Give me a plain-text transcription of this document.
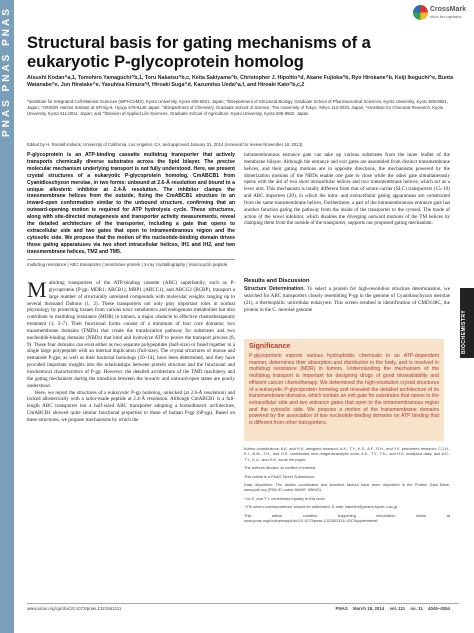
PNAS PNAS PNAS	CrossMark
click for updates
Structural basis for gating mechanisms of a eukaryotic P-glycoprotein homolog
Atsushi Kodan^a,1, Tomohiro Yamaguchi^b,1, Toru Nakatsu^b,c, Keita Sakiyama^b, Christopher J. Hipolito^d, Akane Fujioka^b, Ryo Hirokane^b, Keiji Ikeguchi^e, Bunta Watanabe^e, Jun Hiratake^e, Yasuhisa Kimura^f, Hiroaki Suga^d, Kazumitsu Ueda^a,f, and Hiroaki Kato^b,c,2
^aInstitute for Integrated Cell-Material Sciences (WPI-iCeMS), Kyoto University, Kyoto 606-8501, Japan; ^bDepartment of Structural Biology, Graduate School of Pharmaceutical Sciences, Kyoto University, Kyoto 606-8501, Japan; ^cRIKEN Harima Institute at SPring-8, Hyogo 679-5148 Japan; ^dDepartment of Chemistry, Graduate School of Science, The University of Tokyo, Tokyo 113-0033, Japan; ^eInstitute for Chemical Research, Kyoto University, Kyoto 611-0011, Japan; and ^fDivision of Applied Life Sciences, Graduate School of Agriculture, Kyoto University, Kyoto 606-8502, Japan
Edited by H. Ronald Kaback, University of California, Los Angeles, CA, and approved January 31, 2014 (received for review November 18, 2013)
P-glycoprotein is an ATP-binding cassette multidrug transporter that actively transports chemically diverse substrates across the lipid bilayer. The precise molecular mechanism underlying transport is not fully understood. Here, we present crystal structures of a eukaryotic P-glycoprotein homolog, CmABCB1 from Cyanidioschyzon merolae, in two forms: unbound at 2.6-Å resolution and bound to a unique allosteric inhibitor at 2.4-Å resolution. The inhibitor clamps the transmembrane helices from the outside, fixing the CmABCB1 structure in an inward-open conformation similar to the unbound structure, confirming that an outward-opening motion is required for ATP hydrolysis cycle. These structures, along with site-directed mutagenesis and transporter activity measurements, reveal the detailed architecture of the transporter, including a gate that opens to extracellular side and two gates that open to intramembranous region and the cytosolic side. We propose that the motion of the nucleotide-binding domain drives those gating apparatuses via two short intracellular helices, IH1 and IH2, and two transmembrane helices, TM2 and TM5.
multidrug resistance | ABC transporter | membrane protein | X-ray crystallography | macrocyclic peptide
M ultidrug transporters of the ATP-binding cassette (ABC) superfamily, such as P-glycoprotein (P-gp; MDR1; ABCB1), MRP1 (ABCC1), and ABCG2 (BCRP), transport a large number of structurally unrelated compounds with molecular weights ranging up to several thousand Daltons (1, 2). These transporters not only play important roles in normal physiology by protecting tissues from various toxic xenobiotics and endogenous metabolites but also contribute to multidrug resistance (MDR) in tumors, a major obstacle to effective chemotherapeutic treatment (1, 3–7). Their functional forms consist of a minimum of four core domains: two transmembrane domains (TMDs) that create the translocation pathway for substrates and two nucleotide-binding domains (NBDs) that bind and hydrolyze ATP to power the transport process (8, 9). These four domains can exist either as two separate polypeptides (half-size) or fused together in a single large polypeptide with an internal duplication (full-size). The crystal structures of mouse and nematode P-gps, as well as their bacterial homologs (10–14), have been determined, and they have provided important insights into the relationships between protein structure and the functional and biochemical characteristics of P-gp. However, the detailed architecture of the TMD machinery and the gating mechanism during the transition between the inward- and outward-open states are poorly understood.
Here, we report the structures of a eukaryotic P-gp homolog, unlocked (at 2.6-Å resolution) and locked allosterically with a tailor-made peptide at 2.4-Å resolution. Although CmABCB1 is a full-length ABC transporter but a half-sized ABC transporter adopting a homodimeric architecture, CmABCB1 showed quite similar functional properties to those of human P-gp (hP-gp). Based on these structures, we propose mechanisms by which the
intramembranous entrance gate can take up various substrates from the inner leaflet of the membrane bilayer. Although the entrance and exit gates are assembled from distinct transmembrane helices, and their gating motions are in opposite directions, the mechanisms powered by the dimerization motions of the NBDs enable one gate to close while the other gate simultaneously opens with the aid of two short intracellular helices and two transmembrane helices, which act as a lever arm. This mechanism is totally different from that of solute carrier (SLC) transporters (15–19) and ABC importers (20), in which the intra- and extracellular gating apparatuses are constructed from the same transmembrane helices. Furthermore, a part of the intramembranous entrance gate has another function gating the pathway from the inside of the transporter to the cytosol. The mode of action of the novel inhibitor, which disables the diverging outward motions of the TM helices by clamping them from the outside of the transporter, supports our proposed gating mechanism.
Results and Discussion
Structure Determination. To select a protein for high-resolution structure determination, we searched for ABC transporters closely resembling P-gp in the genome of Cyanidioschyzon merolae (21), a thermophilic unicellular eukaryote. This screen resulted in identification of CMD148C, the protein in the C. merolae genome
Significance
P-glycoprotein exports various hydrophobic chemicals in an ATP-dependent manner, determines their absorption and distribution in the body, and is involved in multidrug resistance (MDR) in tumors. Understanding the mechanism of the multidrug transport is important for designing drugs of good bioavailability and efficient cancer chemotherapy. We determined the high-resolution crystal structures of a eukaryotic P-glycoprotein homolog and revealed the detailed architecture of its transmembrane domains, which contain an exit gate for substrates that opens to the extracellular side and two entrance gates that open to the intramembranous region and the cytosolic side. We propose a motion of the transmembrane domains powered by the association of two nucleotide-binding domains on ATP binding that is different from other transporters.
BIOCHEMISTRY

Author contributions: A.K. and H.K. designed research; A.K., T.Y., K.S., A.F., R.H., and Y.K. performed research; C.J.H., K.I., B.W., J.H., and H.S. contributed new reagents/analytic tools; A.K., T.Y., T.N., and H.K. analyzed data; and A.K., T.Y., K.U., and H.K. wrote the paper.

The authors declare no conflict of interest.

This article is a PNAS Direct Submission.

Data deposition: The atomic coordinates and structure factors have been deposited in the Protein Data Bank, www.pdb.org (PDB ID codes 3WMF, 3WMG).

^1A.K. and T.Y. contributed equally to this work.

^2To whom correspondence should be addressed. E-mail: katohiro@pharm.kyoto-u.ac.jp.

This article contains supporting information online at www.pnas.org/lookup/suppl/doi:10.1073/pnas.1321562111/-/DCSupplemental.

www.pnas.org/cgi/doi/10.1073/pnas.1321562111	PNAS March 18, 2014 vol. 111 no. 11 4049–4054
